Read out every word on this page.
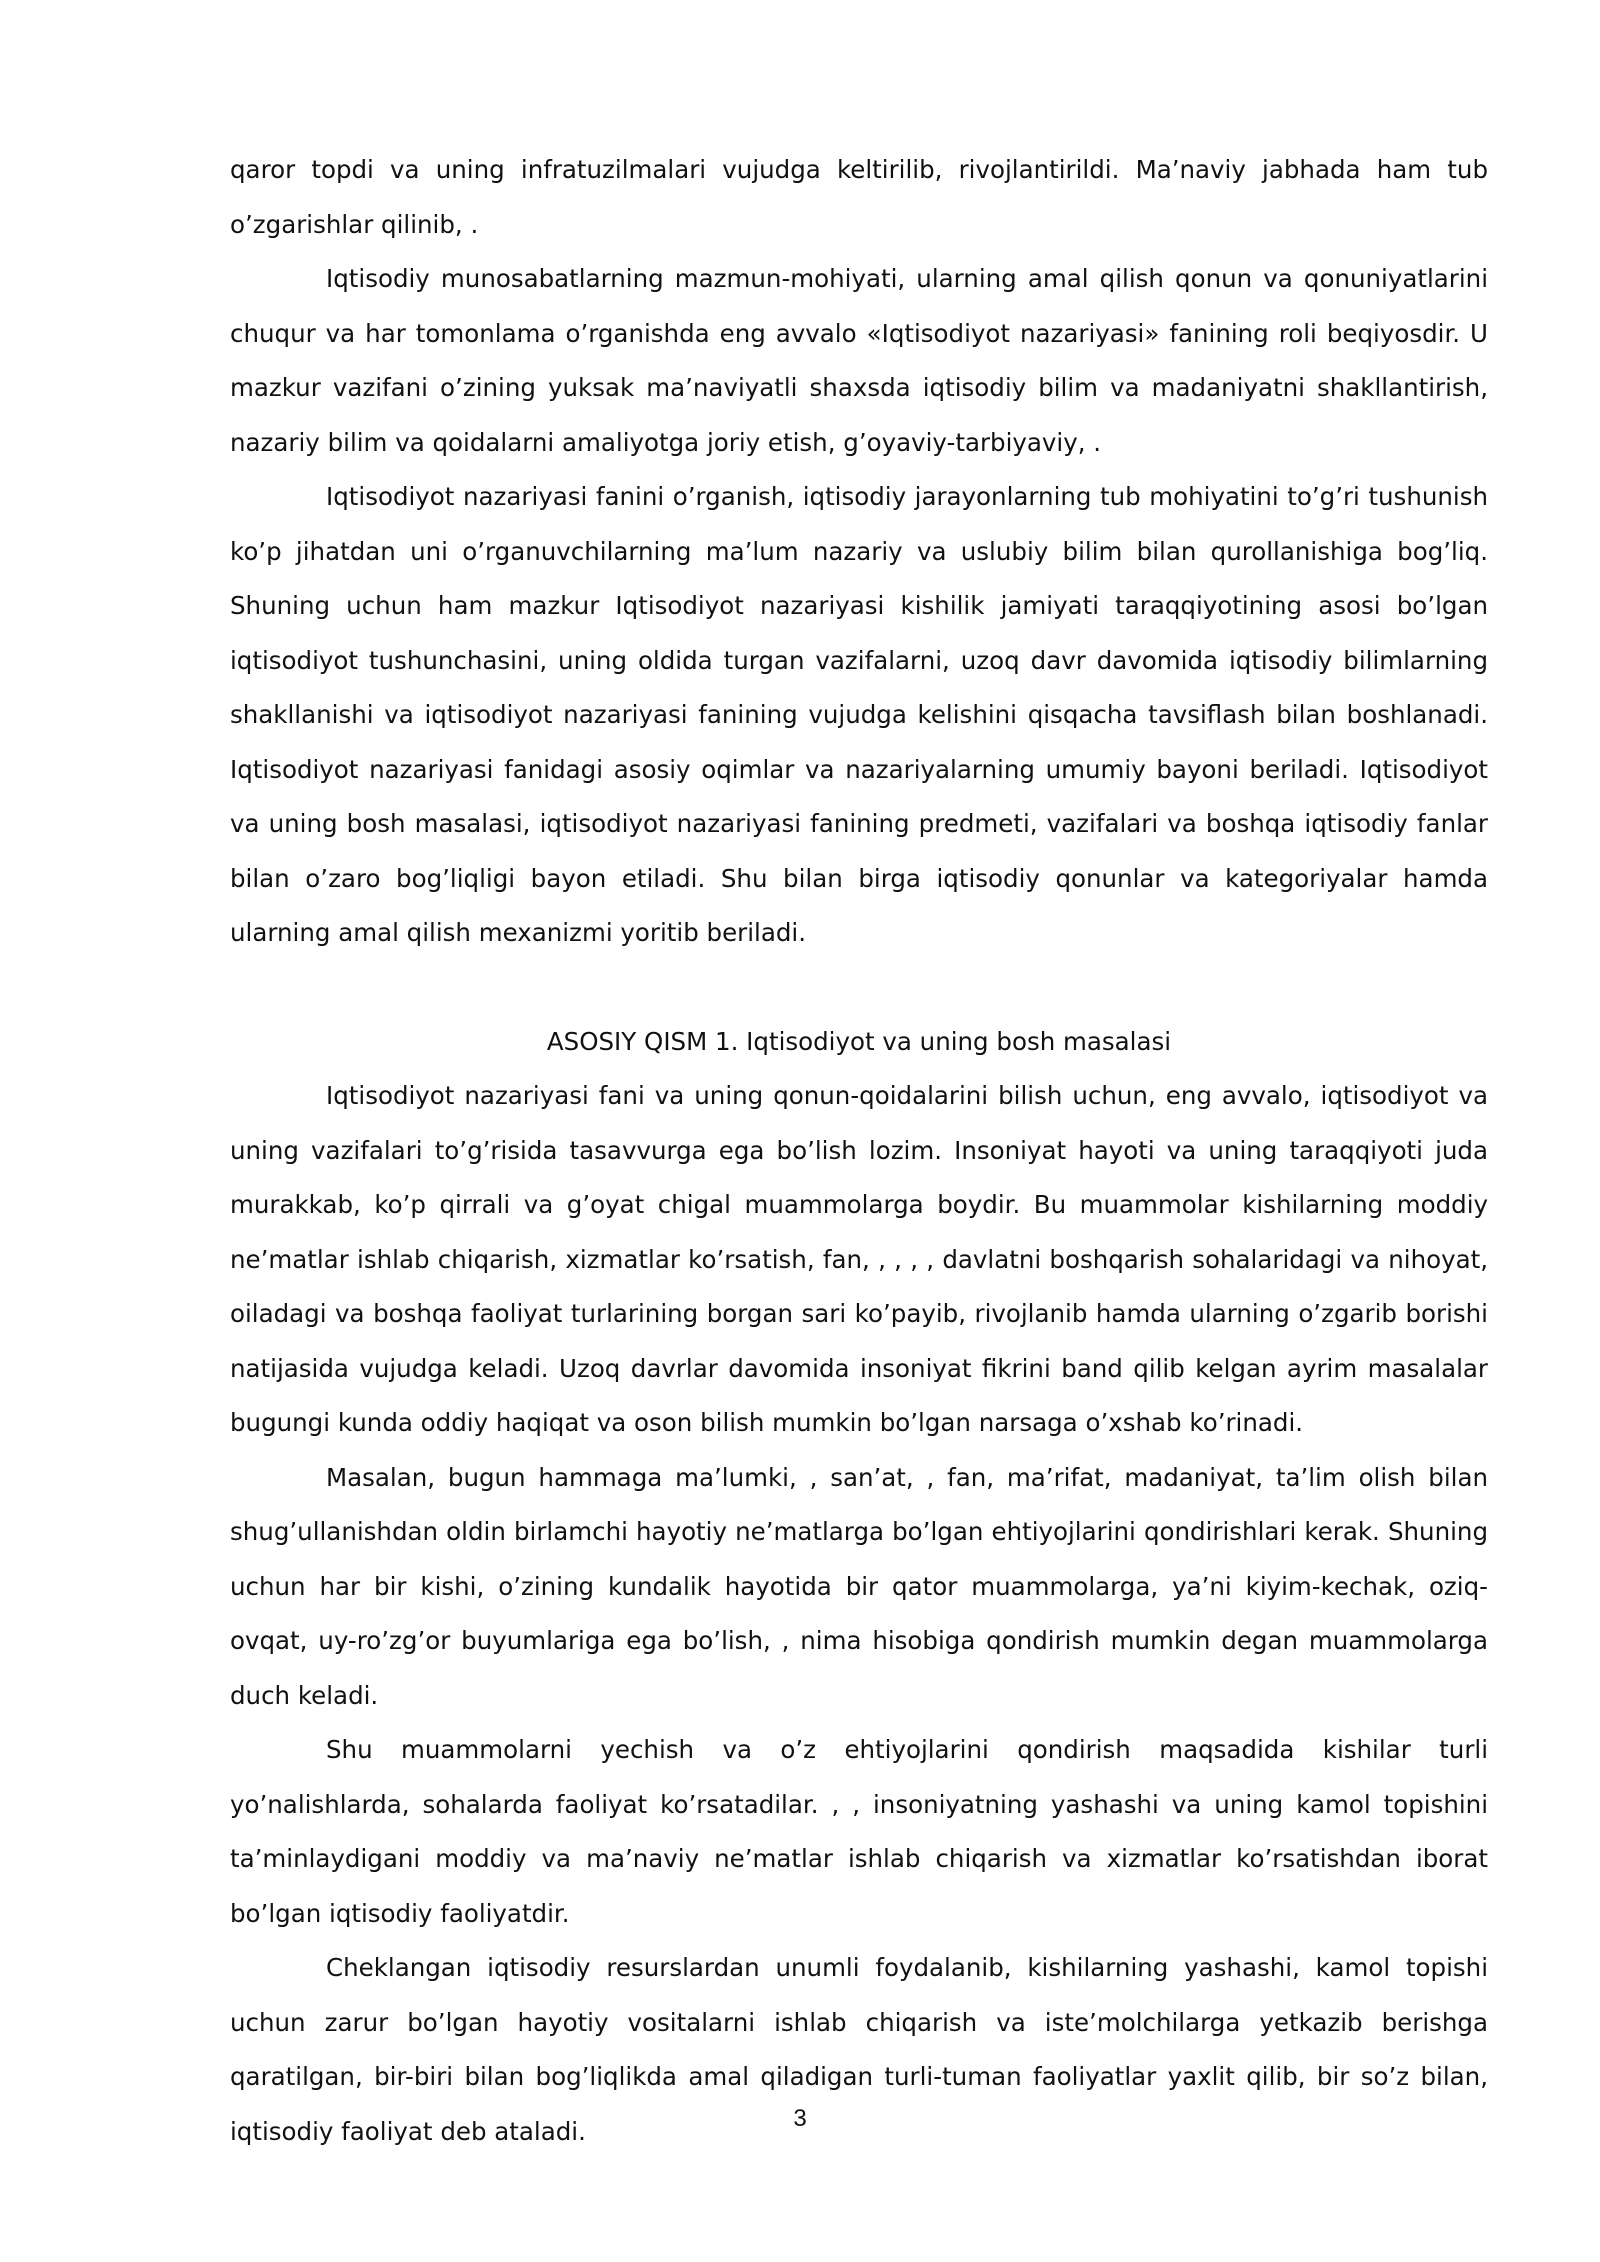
qaror topdi va uning infratuzilmalari vujudga keltirilib, rivojlantirildi. Ma’naviy jabhada ham tub o’zgarishlar qilinib, .

Iqtisodiy munosabatlarning mazmun-mohiyati, ularning amal qilish qonun va qonuniyatlarini chuqur va har tomonlama o’rganishda eng avvalo «Iqtisodiyot nazariyasi» fanining roli beqiyosdir. U mazkur vazifani o’zining yuksak ma’naviyatli shaxsda iqtisodiy bilim va madaniyatni shakllantirish, nazariy bilim va qoidalarni amaliyotga joriy etish, g’oyaviy-tarbiyaviy, .

Iqtisodiyot nazariyasi fanini o’rganish, iqtisodiy jarayonlarning tub mohiyatini to’g’ri tushunish ko’p jihatdan uni o’rganuvchilarning ma’lum nazariy va uslubiy bilim bilan qurollanishiga bog’liq. Shuning uchun ham mazkur Iqtisodiyot nazariyasi kishilik jamiyati taraqqiyotining asosi bo’lgan iqtisodiyot tushunchasini, uning oldida turgan vazifalarni, uzoq davr davomida iqtisodiy bilimlarning shakllanishi va iqtisodiyot nazariyasi fanining vujudga kelishini qisqacha tavsiflash bilan boshlanadi. Iqtisodiyot nazariyasi fanidagi asosiy oqimlar va nazariyalarning umumiy bayoni beriladi. Iqtisodiyot va uning bosh masalasi, iqtisodiyot nazariyasi fanining predmeti, vazifalari va boshqa iqtisodiy fanlar bilan o’zaro bog’liqligi bayon etiladi. Shu bilan birga iqtisodiy qonunlar va kategoriyalar hamda ularning amal qilish mexanizmi yoritib beriladi.

ASOSIY QISM 1. Iqtisodiyot va uning bosh masalasi

Iqtisodiyot nazariyasi fani va uning qonun-qoidalarini bilish uchun, eng avvalo, iqtisodiyot va uning vazifalari to’g’risida tasavvurga ega bo’lish lozim. Insoniyat hayoti va uning taraqqiyoti juda murakkab, ko’p qirrali va g’oyat chigal muammolarga boydir. Bu muammolar kishilarning moddiy ne’matlar ishlab chiqarish, xizmatlar ko’rsatish, fan, , , , , davlatni boshqarish sohalaridagi va nihoyat, oiladagi va boshqa faoliyat turlarining borgan sari ko’payib, rivojlanib hamda ularning o’zgarib borishi natijasida vujudga keladi. Uzoq davrlar davomida insoniyat fikrini band qilib kelgan ayrim masalalar bugungi kunda oddiy haqiqat va oson bilish mumkin bo’lgan narsaga o’xshab ko’rinadi.

Masalan, bugun hammaga ma’lumki, , san’at, , fan, ma’rifat, madaniyat, ta’lim olish bilan shug’ullanishdan oldin birlamchi hayotiy ne’matlarga bo’lgan ehtiyojlarini qondirishlari kerak. Shuning uchun har bir kishi, o’zining kundalik hayotida bir qator muammolarga, ya’ni kiyim-kechak, oziq-ovqat, uy-ro’zg’or buyumlariga ega bo’lish, , nima hisobiga qondirish mumkin degan muammolarga duch keladi.

Shu muammolarni yechish va o’z ehtiyojlarini qondirish maqsadida kishilar turli yo’nalishlarda, sohalarda faoliyat ko’rsatadilar. , , insoniyatning yashashi va uning kamol topishini ta’minlaydigani moddiy va ma’naviy ne’matlar ishlab chiqarish va xizmatlar ko’rsatishdan iborat bo’lgan iqtisodiy faoliyatdir.

Cheklangan iqtisodiy resurslardan unumli foydalanib, kishilarning yashashi, kamol topishi uchun zarur bo’lgan hayotiy vositalarni ishlab chiqarish va iste’molchilarga yetkazib berishga qaratilgan, bir-biri bilan bog’liqlikda amal qiladigan turli-tuman faoliyatlar yaxlit qilib, bir so’z bilan, iqtisodiy faoliyat deb ataladi.	3
